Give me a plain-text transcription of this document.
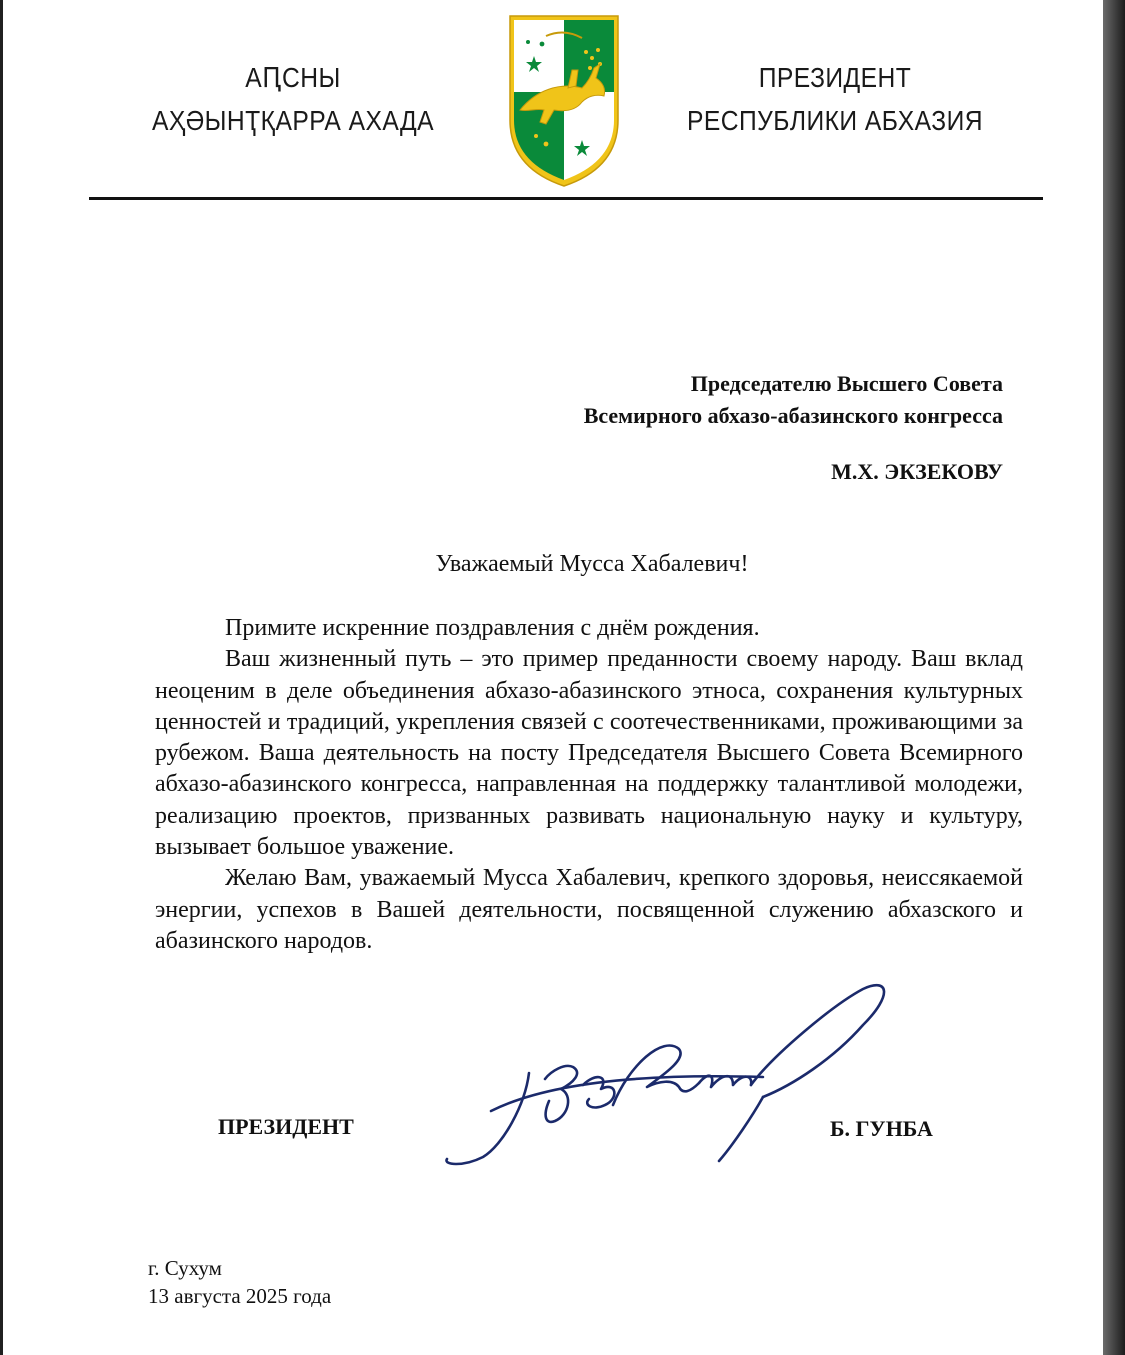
АԤСНЫ
АҲӘЫНҬҚАРРА АХАДА
ПРЕЗИДЕНТ
РЕСПУБЛИКИ АБХАЗИЯ
Председателю Высшего Совета
Всемирного абхазо-абазинского конгресса
М.Х. ЭКЗЕКОВУ
Уважаемый Мусса Хабалевич!

Примите искренние поздравления с днём рождения.

Ваш жизненный путь – это пример преданности своему народу. Ваш вклад неоценим в деле объединения абхазо-абазинского этноса, сохранения культурных ценностей и традиций, укрепления связей с соотечественниками, проживающими за рубежом. Ваша деятельность на посту Председателя Высшего Совета Всемирного абхазо-абазинского конгресса, направленная на поддержку талантливой молодежи, реализацию проектов, призванных развивать национальную науку и культуру, вызывает большое уважение.

Желаю Вам, уважаемый Мусса Хабалевич, крепкого здоровья, неиссякаемой энергии, успехов в Вашей деятельности, посвященной служению абхазского и абазинского народов.

ПРЕЗИДЕНТ	Б. ГУНБА
г. Сухум
13 августа 2025 года
